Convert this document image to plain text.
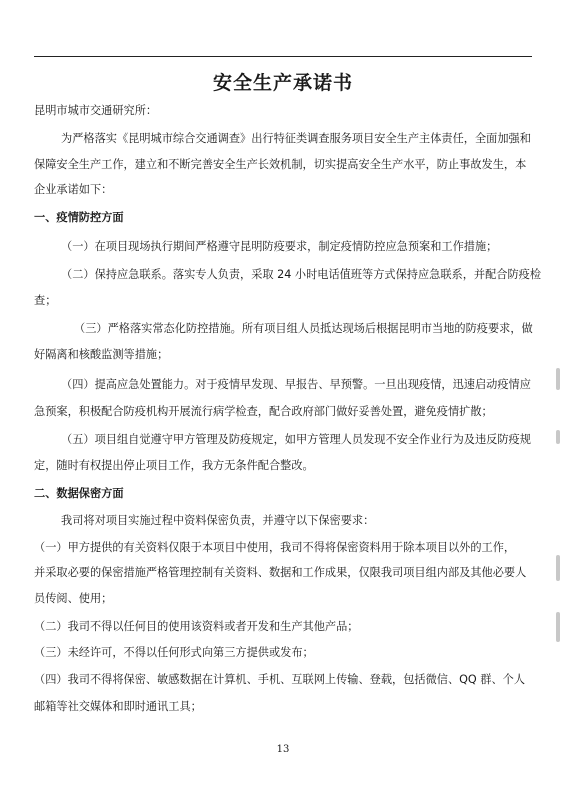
安全生产承诺书

昆明市城市交通研究所：

为严格落实《昆明城市综合交通调查》出行特征类调查服务项目安全生产主体责任，全面加强和

保障安全生产工作，建立和不断完善安全生产长效机制，切实提高安全生产水平，防止事故发生，本

企业承诺如下：

一、疫情防控方面

（一）在项目现场执行期间严格遵守昆明防疫要求，制定疫情防控应急预案和工作措施；

（二）保持应急联系。落实专人负责，采取 24 小时电话值班等方式保持应急联系，并配合防疫检

查；

（三）严格落实常态化防控措施。所有项目组人员抵达现场后根据昆明市当地的防疫要求，做

好隔离和核酸监测等措施；

（四）提高应急处置能力。对于疫情早发现、早报告、早预警。一旦出现疫情，迅速启动疫情应

急预案，积极配合防疫机构开展流行病学检查，配合政府部门做好妥善处置，避免疫情扩散；

（五）项目组自觉遵守甲方管理及防疫规定，如甲方管理人员发现不安全作业行为及违反防疫规

定，随时有权提出停止项目工作，我方无条件配合整改。

二、数据保密方面

我司将对项目实施过程中资料保密负责，并遵守以下保密要求：

（一）甲方提供的有关资料仅限于本项目中使用，我司不得将保密资料用于除本项目以外的工作，

并采取必要的保密措施严格管理控制有关资料、数据和工作成果，仅限我司项目组内部及其他必要人

员传阅、使用；

（二）我司不得以任何目的使用该资料或者开发和生产其他产品；

（三）未经许可，不得以任何形式向第三方提供或发布；

（四）我司不得将保密、敏感数据在计算机、手机、互联网上传输、登载，包括微信、QQ 群、个人

邮箱等社交媒体和即时通讯工具；

13
